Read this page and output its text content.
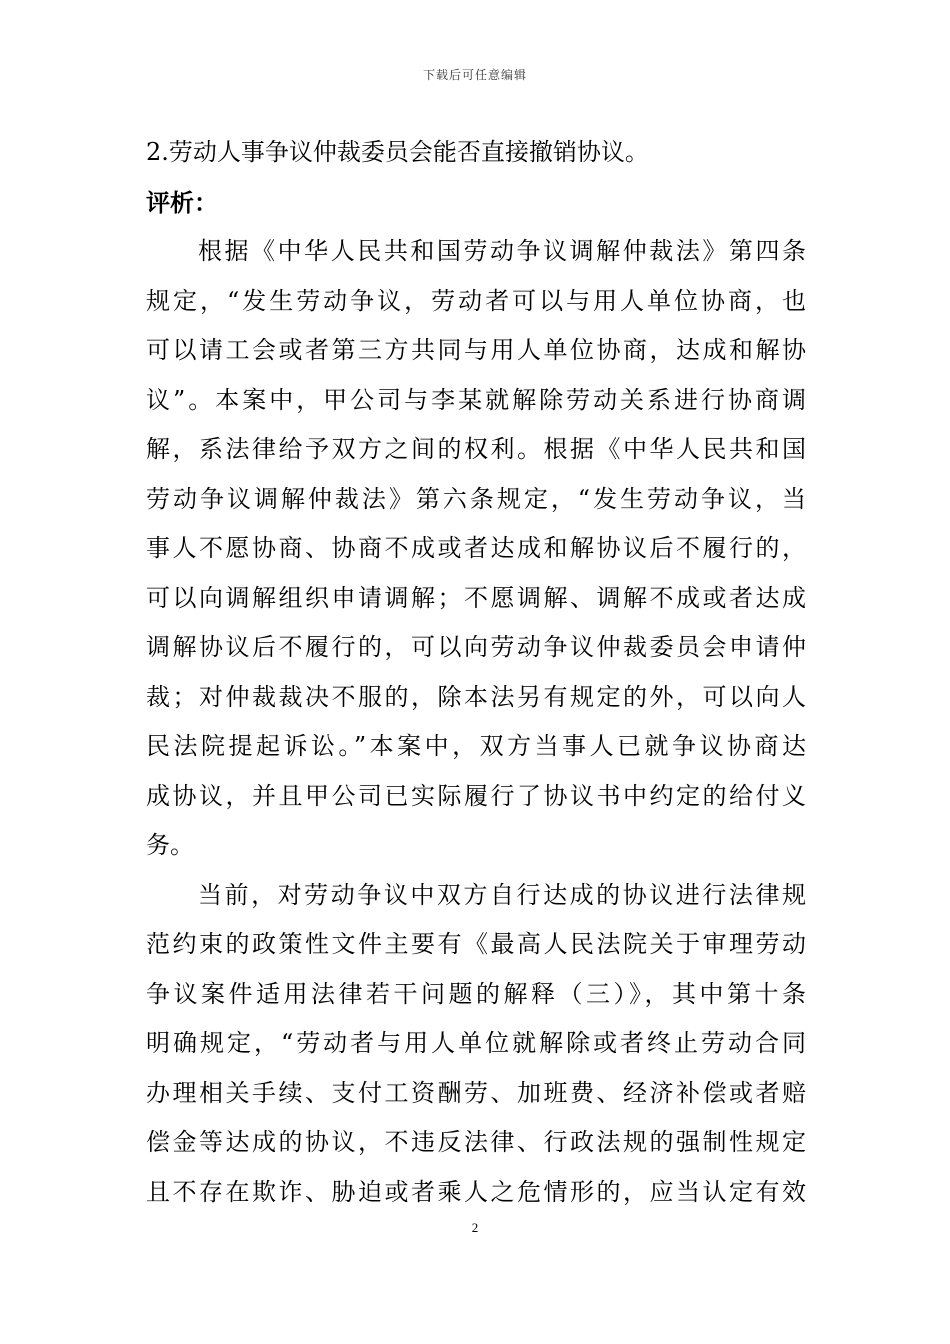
下载后可任意编辑
2.劳动人事争议仲裁委员会能否直接撤销协议。
评析：
根据《中华人民共和国劳动争议调解仲裁法》第四条
规定，“发生劳动争议，劳动者可以与用人单位协商，也
可以请工会或者第三方共同与用人单位协商，达成和解协
议”。本案中，甲公司与李某就解除劳动关系进行协商调
解，系法律给予双方之间的权利。根据《中华人民共和国
劳动争议调解仲裁法》第六条规定，“发生劳动争议，当
事人不愿协商、协商不成或者达成和解协议后不履行的，
可以向调解组织申请调解；不愿调解、调解不成或者达成
调解协议后不履行的，可以向劳动争议仲裁委员会申请仲
裁；对仲裁裁决不服的，除本法另有规定的外，可以向人
民法院提起诉讼。”本案中，双方当事人已就争议协商达
成协议，并且甲公司已实际履行了协议书中约定的给付义
务。
当前，对劳动争议中双方自行达成的协议进行法律规
范约束的政策性文件主要有《最高人民法院关于审理劳动
争议案件适用法律若干问题的解释（三）》，其中第十条
明确规定，“劳动者与用人单位就解除或者终止劳动合同
办理相关手续、支付工资酬劳、加班费、经济补偿或者赔
偿金等达成的协议，不违反法律、行政法规的强制性规定
且不存在欺诈、胁迫或者乘人之危情形的，应当认定有效
2
